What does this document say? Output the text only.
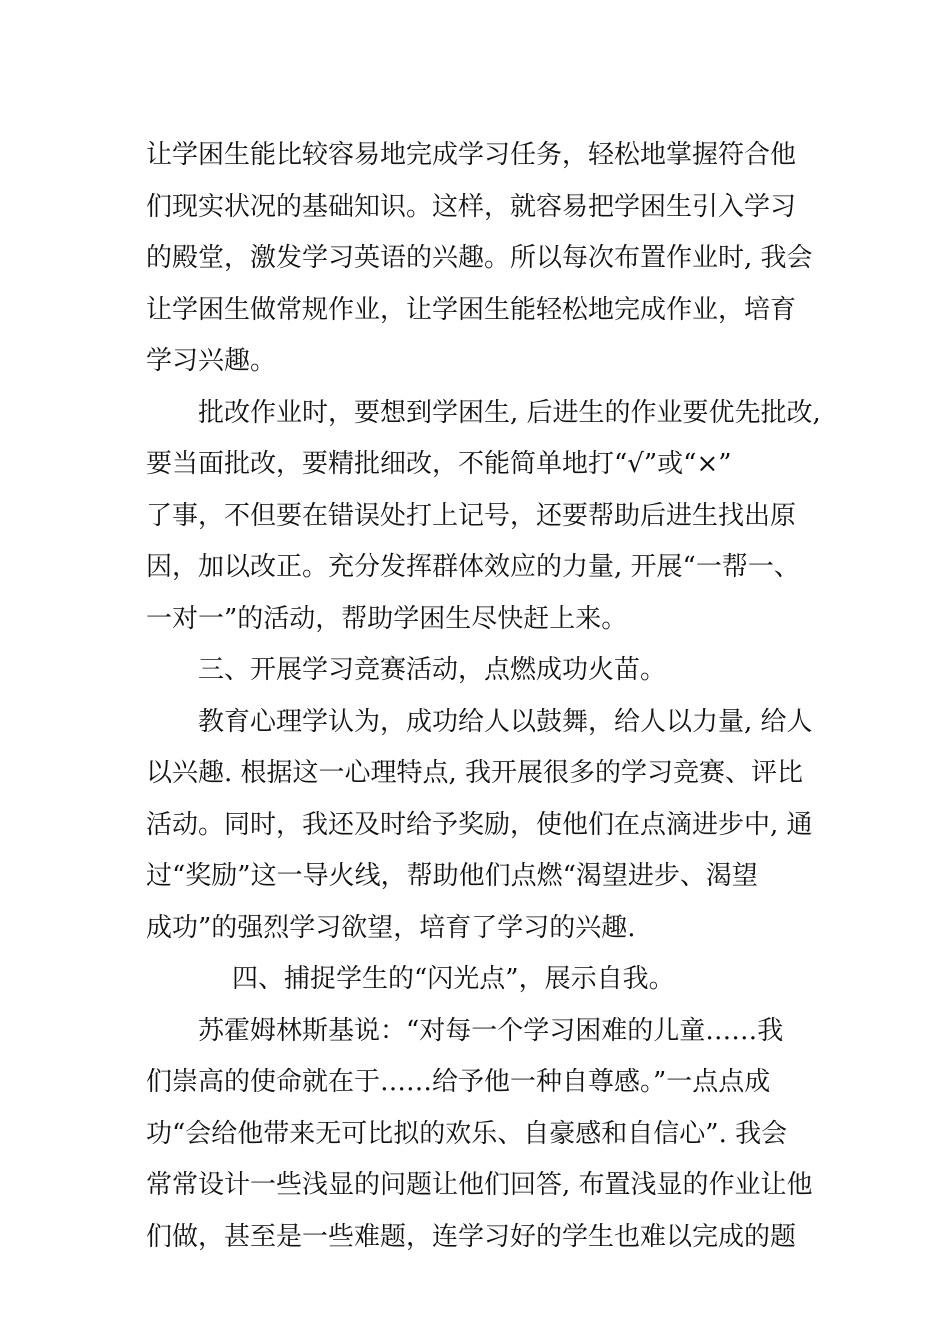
让学困生能比较容易地完成学习任务，轻松地掌握符合他
们现实状况的基础知识。这样，就容易把学困生引入学习
的殿堂，激发学习英语的兴趣。所以每次布置作业时, 我会
让学困生做常规作业，让学困生能轻松地完成作业，培育
学习兴趣。
批改作业时，要想到学困生, 后进生的作业要优先批改,
要当面批改，要精批细改，不能简单地打“√”或“×”
了事，不但要在错误处打上记号，还要帮助后进生找出原
因，加以改正。充分发挥群体效应的力量, 开展“一帮一、
一对一”的活动，帮助学困生尽快赶上来。
三、开展学习竞赛活动，点燃成功火苗。
教育心理学认为，成功给人以鼓舞，给人以力量, 给人
以兴趣. 根据这一心理特点, 我开展很多的学习竞赛、评比
活动。同时，我还及时给予奖励，使他们在点滴进步中, 通
过“奖励”这一导火线，帮助他们点燃“渴望进步、渴望
成功”的强烈学习欲望，培育了学习的兴趣.
四、捕捉学生的“闪光点”，展示自我。
苏霍姆林斯基说：“对每一个学习困难的儿童……我
们崇高的使命就在于……给予他一种自尊感。”一点点成
功“会给他带来无可比拟的欢乐、自豪感和自信心”. 我会
常常设计一些浅显的问题让他们回答, 布置浅显的作业让他
们做，甚至是一些难题，连学习好的学生也难以完成的题
